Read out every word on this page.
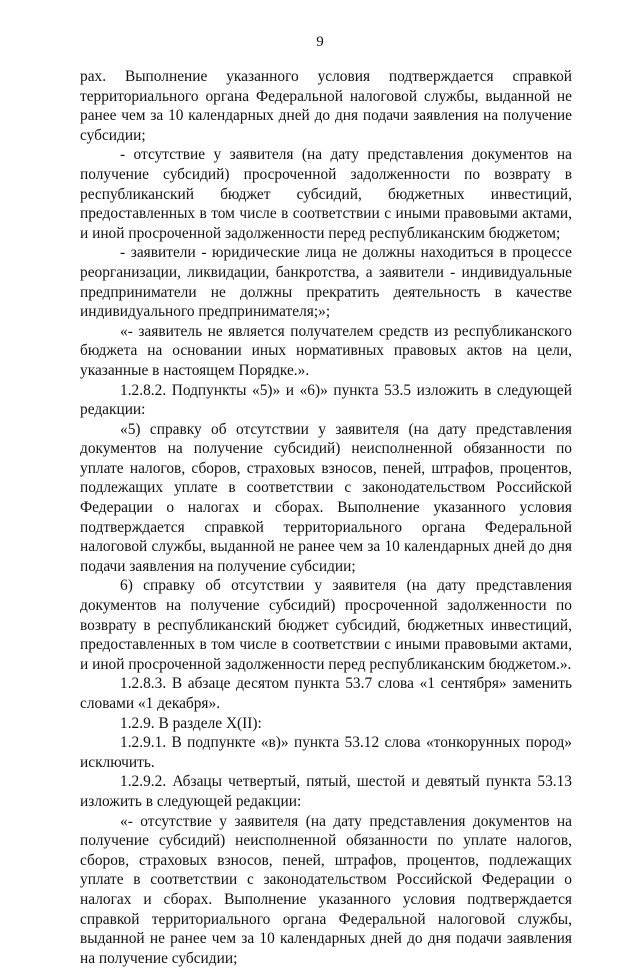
9

рах. Выполнение указанного условия подтверждается справкой территориального органа Федеральной налоговой службы, выданной не ранее чем за 10 календарных дней до дня подачи заявления на получение субсидии;

- отсутствие у заявителя (на дату представления документов на получение субсидий) просроченной задолженности по возврату в республиканский бюджет субсидий, бюджетных инвестиций, предоставленных в том числе в соответствии с иными правовыми актами, и иной просроченной задолженности перед республиканским бюджетом;

- заявители - юридические лица не должны находиться в процессе реорганизации, ликвидации, банкротства, а заявители - индивидуальные предприниматели не должны прекратить деятельность в качестве индивидуального предпринимателя;»;

«- заявитель не является получателем средств из республиканского бюджета на основании иных нормативных правовых актов на цели, указанные в настоящем Порядке.».

1.2.8.2. Подпункты «5)» и «6)» пункта 53.5 изложить в следующей редакции:

«5) справку об отсутствии у заявителя (на дату представления документов на получение субсидий) неисполненной обязанности по уплате налогов, сборов, страховых взносов, пеней, штрафов, процентов, подлежащих уплате в соответствии с законодательством Российской Федерации о налогах и сборах. Выполнение указанного условия подтверждается справкой территориального органа Федеральной налоговой службы, выданной не ранее чем за 10 календарных дней до дня подачи заявления на получение субсидии;

6) справку об отсутствии у заявителя (на дату представления документов на получение субсидий) просроченной задолженности по возврату в республиканский бюджет субсидий, бюджетных инвестиций, предоставленных в том числе в соответствии с иными правовыми актами, и иной просроченной задолженности перед республиканским бюджетом.».

1.2.8.3. В абзаце десятом пункта 53.7 слова «1 сентября» заменить словами «1 декабря».

1.2.9. В разделе X(II):

1.2.9.1. В подпункте «в)» пункта 53.12 слова «тонкорунных пород» исключить.

1.2.9.2. Абзацы четвертый, пятый, шестой и девятый пункта 53.13 изложить в следующей редакции:

«- отсутствие у заявителя (на дату представления документов на получение субсидий) неисполненной обязанности по уплате налогов, сборов, страховых взносов, пеней, штрафов, процентов, подлежащих уплате в соответствии с законодательством Российской Федерации о налогах и сборах. Выполнение указанного условия подтверждается справкой территориального органа Федеральной налоговой службы, выданной не ранее чем за 10 календарных дней до дня подачи заявления на получение субсидии;
